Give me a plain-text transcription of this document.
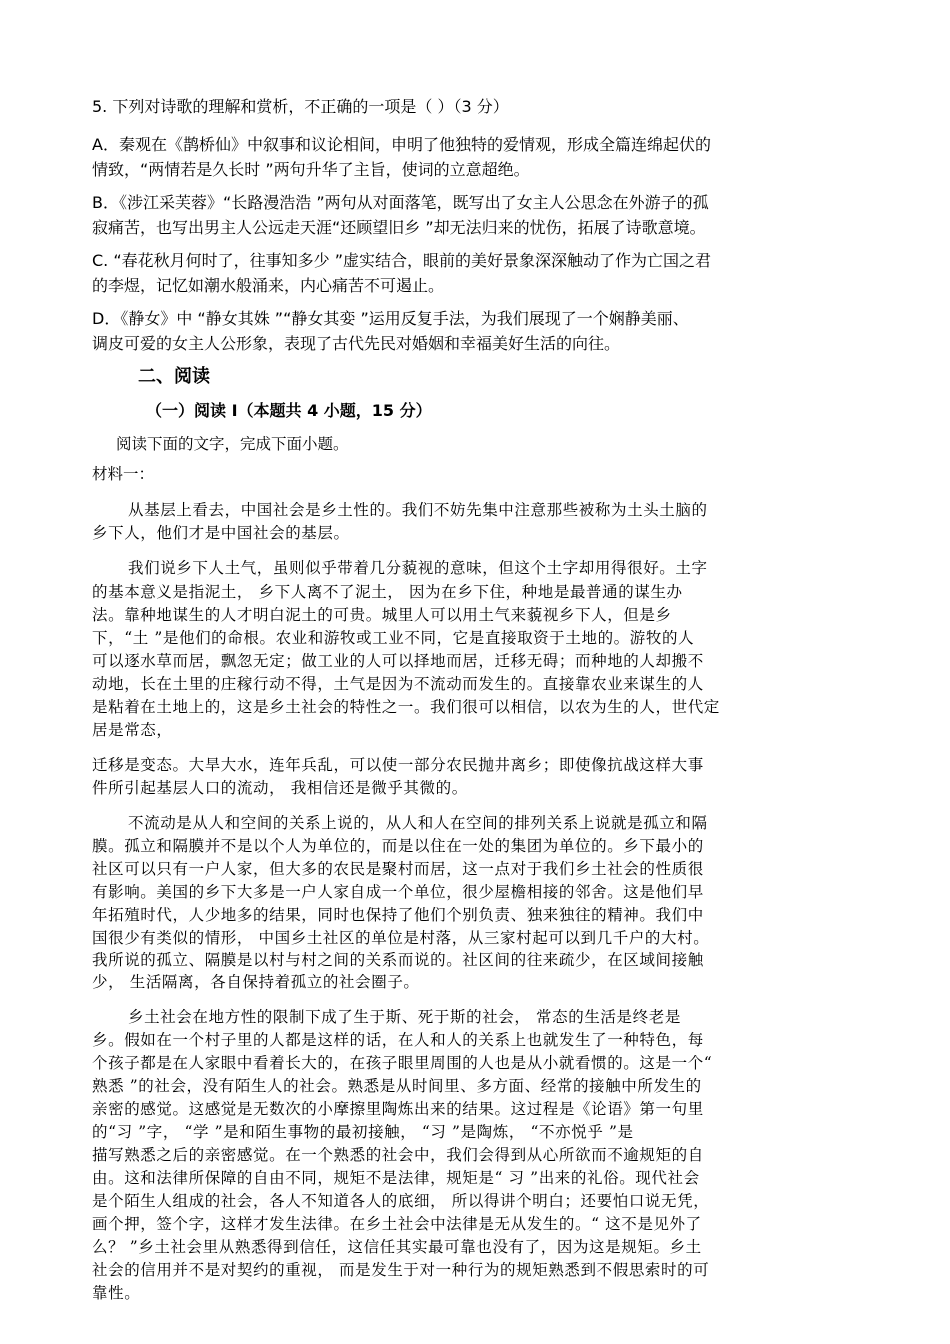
5. 下列对诗歌的理解和赏析，不正确的一项是（ ）（3 分）
A．秦观在《鹊桥仙》中叙事和议论相间，申明了他独特的爱情观，形成全篇连绵起伏的
情致，“两情若是久长时 ”两句升华了主旨，使词的立意超绝。
B．《涉江采芙蓉》“长路漫浩浩 ”两句从对面落笔，既写出了女主人公思念在外游子的孤
寂痛苦，也写出男主人公远走天涯“还顾望旧乡 ”却无法归来的忧伤，拓展了诗歌意境。
C. “春花秋月何时了，往事知多少 ”虚实结合，眼前的美好景象深深触动了作为亡国之君
的李煜，记忆如潮水般涌来，内心痛苦不可遏止。
D．《静女》中 “静女其姝 ”“静女其娈 ”运用反复手法，为我们展现了一个娴静美丽、
调皮可爱的女主人公形象，表现了古代先民对婚姻和幸福美好生活的向往。
二、阅读
（一）阅读 Ⅰ（本题共 4 小题，15 分）
阅读下面的文字，完成下面小题。
材料一：
从基层上看去，中国社会是乡土性的。我们不妨先集中注意那些被称为土头土脑的
乡下人，他们才是中国社会的基层。
我们说乡下人土气，虽则似乎带着几分藐视的意味，但这个土字却用得很好。土字
的基本意义是指泥土， 乡下人离不了泥土， 因为在乡下住，种地是最普通的谋生办
法。靠种地谋生的人才明白泥土的可贵。城里人可以用土气来藐视乡下人，但是乡
下，“土 ”是他们的命根。农业和游牧或工业不同，它是直接取资于土地的。游牧的人
可以逐水草而居，飘忽无定；做工业的人可以择地而居，迁移无碍；而种地的人却搬不
动地，长在土里的庄稼行动不得，土气是因为不流动而发生的。直接靠农业来谋生的人
是粘着在土地上的，这是乡土社会的特性之一。我们很可以相信，以农为生的人，世代定
居是常态，
迁移是变态。大旱大水，连年兵乱，可以使一部分农民抛井离乡；即使像抗战这样大事
件所引起基层人口的流动， 我相信还是微乎其微的。
不流动是从人和空间的关系上说的，从人和人在空间的排列关系上说就是孤立和隔
膜。孤立和隔膜并不是以个人为单位的，而是以住在一处的集团为单位的。乡下最小的
社区可以只有一户人家，但大多的农民是聚村而居，这一点对于我们乡土社会的性质很
有影响。美国的乡下大多是一户人家自成一个单位，很少屋檐相接的邻舍。这是他们早
年拓殖时代，人少地多的结果，同时也保持了他们个别负责、独来独往的精神。我们中
国很少有类似的情形， 中国乡土社区的单位是村落，从三家村起可以到几千户的大村。
我所说的孤立、隔膜是以村与村之间的关系而说的。社区间的往来疏少，在区域间接触
少， 生活隔离，各自保持着孤立的社会圈子。
乡土社会在地方性的限制下成了生于斯、死于斯的社会， 常态的生活是终老是
乡。假如在一个村子里的人都是这样的话，在人和人的关系上也就发生了一种特色，每
个孩子都是在人家眼中看着长大的，在孩子眼里周围的人也是从小就看惯的。这是一个“
熟悉 ”的社会，没有陌生人的社会。熟悉是从时间里、多方面、经常的接触中所发生的
亲密的感觉。这感觉是无数次的小摩擦里陶炼出来的结果。这过程是《论语》第一句里
的“习 ”字， “学 ”是和陌生事物的最初接触， “习 ”是陶炼， “不亦悦乎 ”是
描写熟悉之后的亲密感觉。在一个熟悉的社会中，我们会得到从心所欲而不逾规矩的自
由。这和法律所保障的自由不同，规矩不是法律，规矩是“ 习 ”出来的礼俗。现代社会
是个陌生人组成的社会，各人不知道各人的底细， 所以得讲个明白；还要怕口说无凭，
画个押，签个字，这样才发生法律。在乡土社会中法律是无从发生的。“ 这不是见外了
么？ ”乡土社会里从熟悉得到信任，这信任其实最可靠也没有了，因为这是规矩。乡土
社会的信用并不是对契约的重视， 而是发生于对一种行为的规矩熟悉到不假思索时的可
靠性。
